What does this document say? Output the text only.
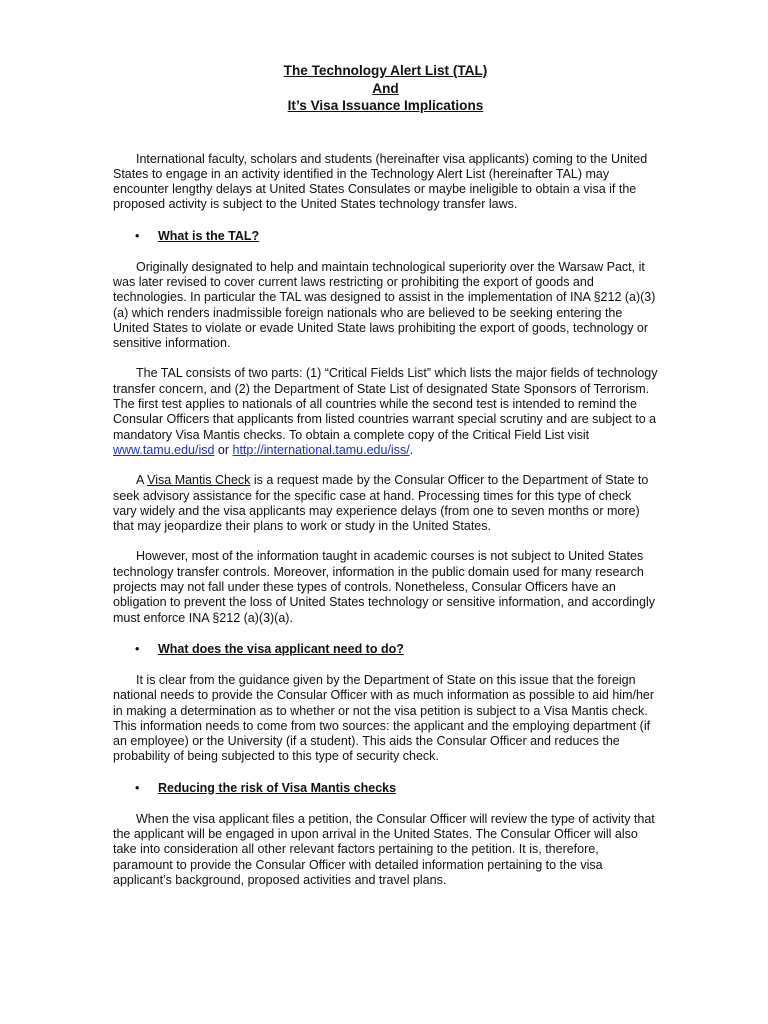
The Technology Alert List (TAL)
And
It’s Visa Issuance Implications

International faculty, scholars and students (hereinafter visa applicants) coming to the United States to engage in an activity identified in the Technology Alert List (hereinafter TAL) may encounter lengthy delays at United States Consulates or maybe ineligible to obtain a visa if the proposed activity is subject to the United States technology transfer laws.

• What is the TAL?

Originally designated to help and maintain technological superiority over the Warsaw Pact, it was later revised to cover current laws restricting or prohibiting the export of goods and technologies. In particular the TAL was designed to assist in the implementation of INA §212 (a)(3)(a) which renders inadmissible foreign nationals who are believed to be seeking entering the United States to violate or evade United State laws prohibiting the export of goods, technology or sensitive information.

The TAL consists of two parts: (1) “Critical Fields List” which lists the major fields of technology transfer concern, and (2) the Department of State List of designated State Sponsors of Terrorism. The first test applies to nationals of all countries while the second test is intended to remind the Consular Officers that applicants from listed countries warrant special scrutiny and are subject to a mandatory Visa Mantis checks. To obtain a complete copy of the Critical Field List visit www.tamu.edu/isd or http://international.tamu.edu/iss/.

A Visa Mantis Check is a request made by the Consular Officer to the Department of State to seek advisory assistance for the specific case at hand. Processing times for this type of check vary widely and the visa applicants may experience delays (from one to seven months or more) that may jeopardize their plans to work or study in the United States.

However, most of the information taught in academic courses is not subject to United States technology transfer controls. Moreover, information in the public domain used for many research projects may not fall under these types of controls. Nonetheless, Consular Officers have an obligation to prevent the loss of United States technology or sensitive information, and accordingly must enforce INA §212 (a)(3)(a).

• What does the visa applicant need to do?

It is clear from the guidance given by the Department of State on this issue that the foreign national needs to provide the Consular Officer with as much information as possible to aid him/her in making a determination as to whether or not the visa petition is subject to a Visa Mantis check. This information needs to come from two sources: the applicant and the employing department (if an employee) or the University (if a student). This aids the Consular Officer and reduces the probability of being subjected to this type of security check.

• Reducing the risk of Visa Mantis checks

When the visa applicant files a petition, the Consular Officer will review the type of activity that the applicant will be engaged in upon arrival in the United States. The Consular Officer will also take into consideration all other relevant factors pertaining to the petition. It is, therefore, paramount to provide the Consular Officer with detailed information pertaining to the visa applicant’s background, proposed activities and travel plans.
